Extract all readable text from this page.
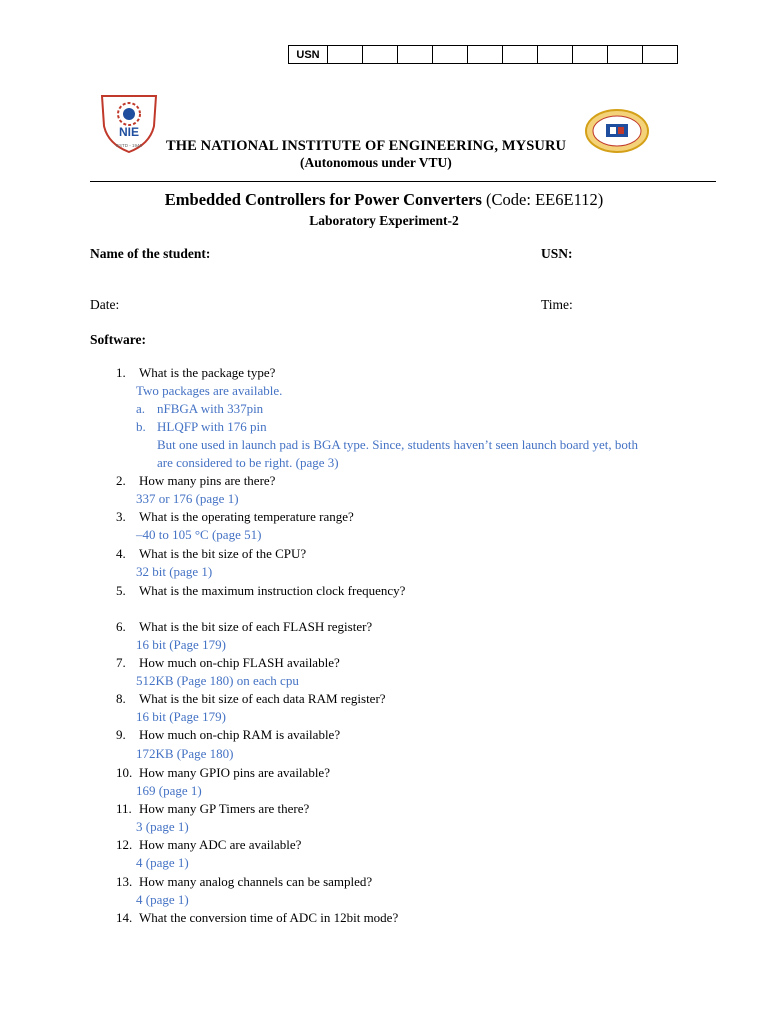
USN
NIE
ESTD - 1946 THE NATIONAL INSTITUTE OF ENGINEERING, MYSURU
(Autonomous under VTU)
Embedded Controllers for Power Converters (Code: EE6E112)
Laboratory Experiment-2
Name of the student:	USN:
Date:	Time:
Software:
1. What is the package type?
Two packages are available.
a. nFBGA with 337pin
b. HLQFP with 176 pin
But one used in launch pad is BGA type. Since, students haven’t seen launch board yet, both
are considered to be right. (page 3)
2. How many pins are there?
337 or 176 (page 1)
3. What is the operating temperature range?
–40 to 105 °C (page 51)
4. What is the bit size of the CPU?
32 bit (page 1)
5. What is the maximum instruction clock frequency?
6. What is the bit size of each FLASH register?
16 bit (Page 179)
7. How much on-chip FLASH available?
512KB (Page 180) on each cpu
8. What is the bit size of each data RAM register?
16 bit (Page 179)
9. How much on-chip RAM is available?
172KB (Page 180)
10. How many GPIO pins are available?
169 (page 1)
11. How many GP Timers are there?
3 (page 1)
12. How many ADC are available?
4 (page 1)
13. How many analog channels can be sampled?
4 (page 1)
14. What the conversion time of ADC in 12bit mode?
